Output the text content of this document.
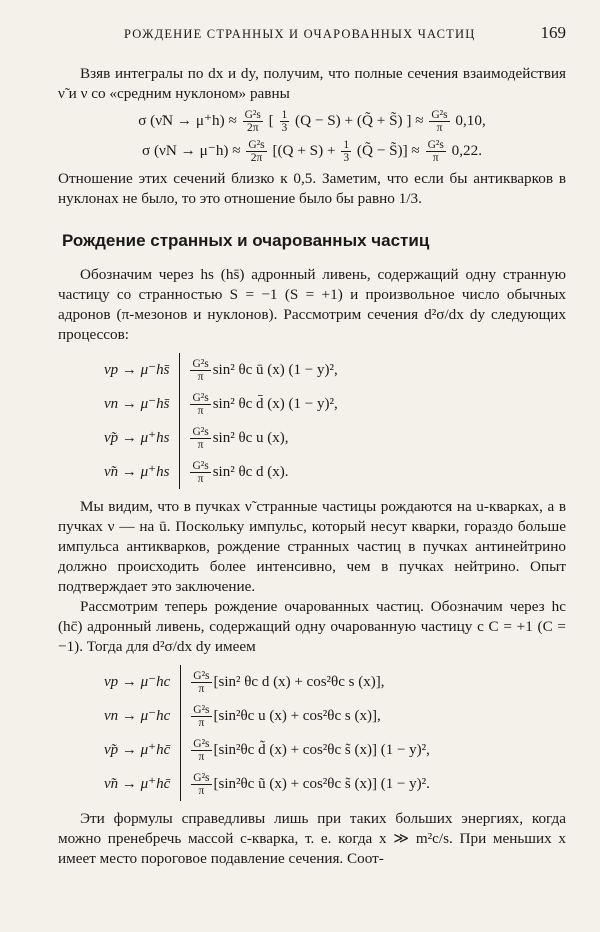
РОЖДЕНИЕ СТРАННЫХ И ОЧАРОВАННЫХ ЧАСТИЦ	169

Взяв интегралы по dx и dy, получим, что полные сечения взаимодействия ν̃ и ν со «средним нуклоном» равны

σ (ν̃N → $\mu^+h) \approx \frac{\text{G²s}}{2\pi}$ [ $\frac{1}{3} (Q - S)$ + (Q̃ + S̃) ] ≈ $\frac{\text{G²s}}{\pi} 0,10$,
σ $(\nu N \to \mu^-h) \approx \frac{\text{G²s}}{2\pi} [(Q + S) + \frac{1}{3}$ (Q̃ − S̃)] ≈ $\frac{\text{G²s}}{\pi} 0,22$.

Отношение этих сечений близко к 0,5. Заметим, что если бы антикварков в нуклонах не было, то это отношение было бы равно 1/3.

Рождение странных и очарованных частиц

Обозначим через hs (hs̄) адронный ливень, содержащий одну странную частицу со странностью S = −1 (S = +1) и произвольное число обычных адронов (π-мезонов и нуклонов). Рассмотрим сечения d²σ/dx dy следующих процессов:

νp → μ⁻hs̄	$\frac{\text{G²s}}{\pi} \sin^2$ θc ū (x) (1 − y)²,
νn → μ⁻hs̄	$\frac{\text{G²s}}{\pi} \sin^2$ θc d̄ (x) (1 − y)²,
ν̃p → μ⁺hs	$\frac{\text{G²s}}{\pi} \sin^2$ θc u (x),
ν̃n → μ⁺hs	$\frac{\text{G²s}}{\pi} \sin^2$ θc d (x).

Мы видим, что в пучках ν̃ странные частицы рождаются на u-кварках, а в пучках ν — на ū. Поскольку импульс, который несут кварки, гораздо больше импульса антикварков, рождение странных частиц в пучках антинейтрино должно происходить более интенсивно, чем в пучках нейтрино. Опыт подтверждает это заключение.

Рассмотрим теперь рождение очарованных частиц. Обозначим через hc (hc̄) адронный ливень, содержащий одну очарованную частицу с C = +1 (C = −1). Тогда для d²σ/dx dy имеем

νp → μ⁻hc	$\frac{\text{G²s}}{\pi} [\sin^2$ θc d (x) + cos²θc s (x)],
νn → μ⁻hc	$\frac{\text{G²s}}{\pi} [\sin^2\theta c$ u (x) + cos²θc s (x)],
ν̃p → μ⁺hc̄	$\frac{\text{G²s}}{\pi} [\sin^2\theta c$ d̃ (x) + cos²θc s̃ (x)] (1 − y)²,
ν̃n → μ⁺hc̄	$\frac{\text{G²s}}{\pi} [\sin^2\theta c$ ũ (x) + cos²θc s̃ (x)] (1 − y)².

Эти формулы справедливы лишь при таких больших энергиях, когда можно пренебречь массой c-кварка, т. е. когда x ≫ m²c/s. При меньших x имеет место пороговое подавление сечения. Соот-
